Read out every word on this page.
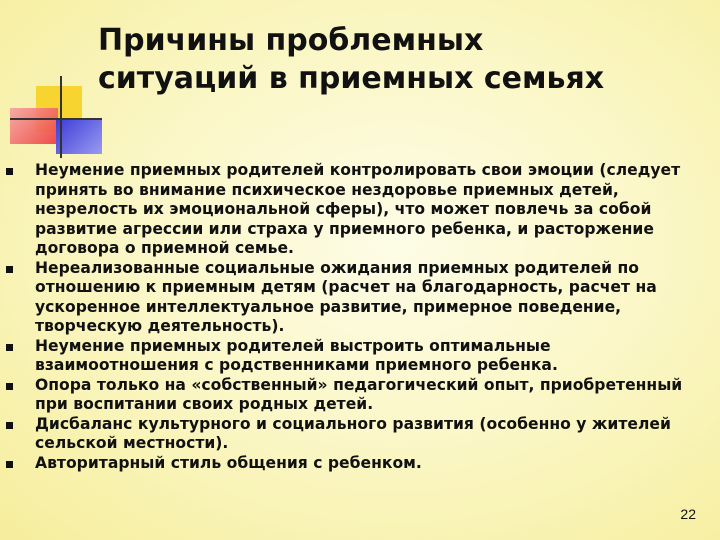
Причины проблемных
ситуаций в приемных семьях
Неумение приемных родителей контролировать свои эмоции (следует принять во внимание психическое нездоровье приемных детей, незрелость их эмоциональной сферы), что может повлечь за собой развитие агрессии или страха у приемного ребенка, и расторжение договора о приемной семье.
Нереализованные социальные ожидания приемных родителей по отношению к приемным детям (расчет на благодарность, расчет на ускоренное интеллектуальное развитие, примерное поведение, творческую деятельность).
Неумение приемных родителей выстроить оптимальные взаимоотношения с родственниками приемного ребенка.
Опора только на «собственный» педагогический опыт, приобретенный при воспитании своих родных детей.
Дисбаланс культурного и социального развития (особенно у жителей сельской местности).
Авторитарный стиль общения с ребенком.
22
